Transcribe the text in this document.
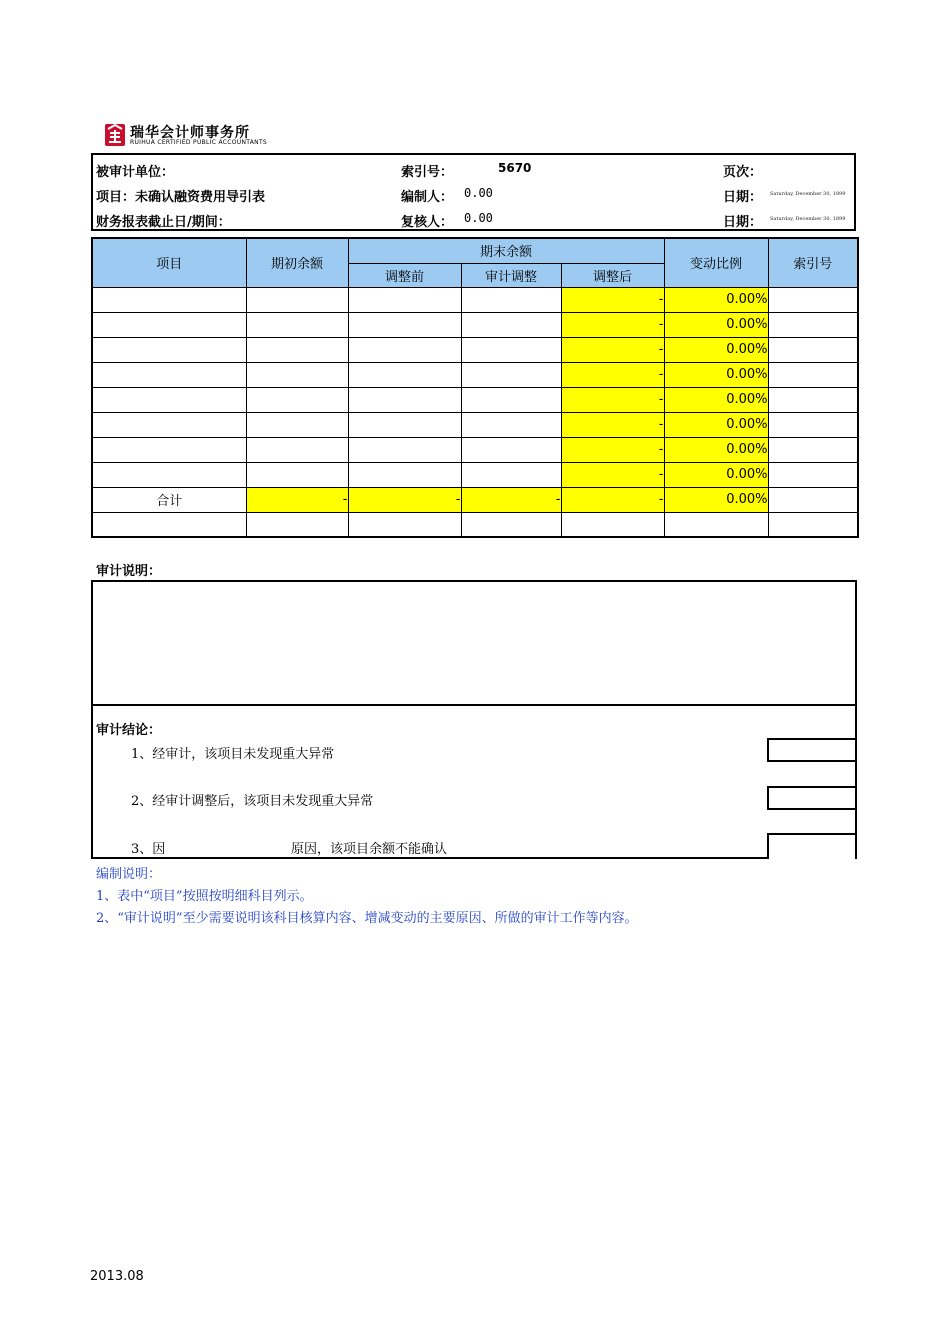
瑞华会计师事务所
RUIHUA CERTIFIED PUBLIC ACCOUNTANTS
被审计单位：
项目：未确认融资费用导引表
财务报表截止日/期间：
索引号：	5670
编制人： 0.00
复核人： 0.00
页次：
日期： Saturday, December 30, 1899
日期： Saturday, December 30, 1899
项目	期初余额	期末余额			变动比例	索引号
		调整前	审计调整	调整后		
				-	0.00%	
				-	0.00%	
				-	0.00%	
				-	0.00%	
				-	0.00%	
				-	0.00%	
				-	0.00%	
				-	0.00%	
合计	-	-	-	-	0.00%	

审计说明：
审计结论：
1、经审计，该项目未发现重大异常
2、经审计调整后，该项目未发现重大异常
3、因	原因，该项目余额不能确认
编制说明：
1、表中“项目”按照按明细科目列示。
2、“审计说明”至少需要说明该科目核算内容、增减变动的主要原因、所做的审计工作等内容。
2013.08
